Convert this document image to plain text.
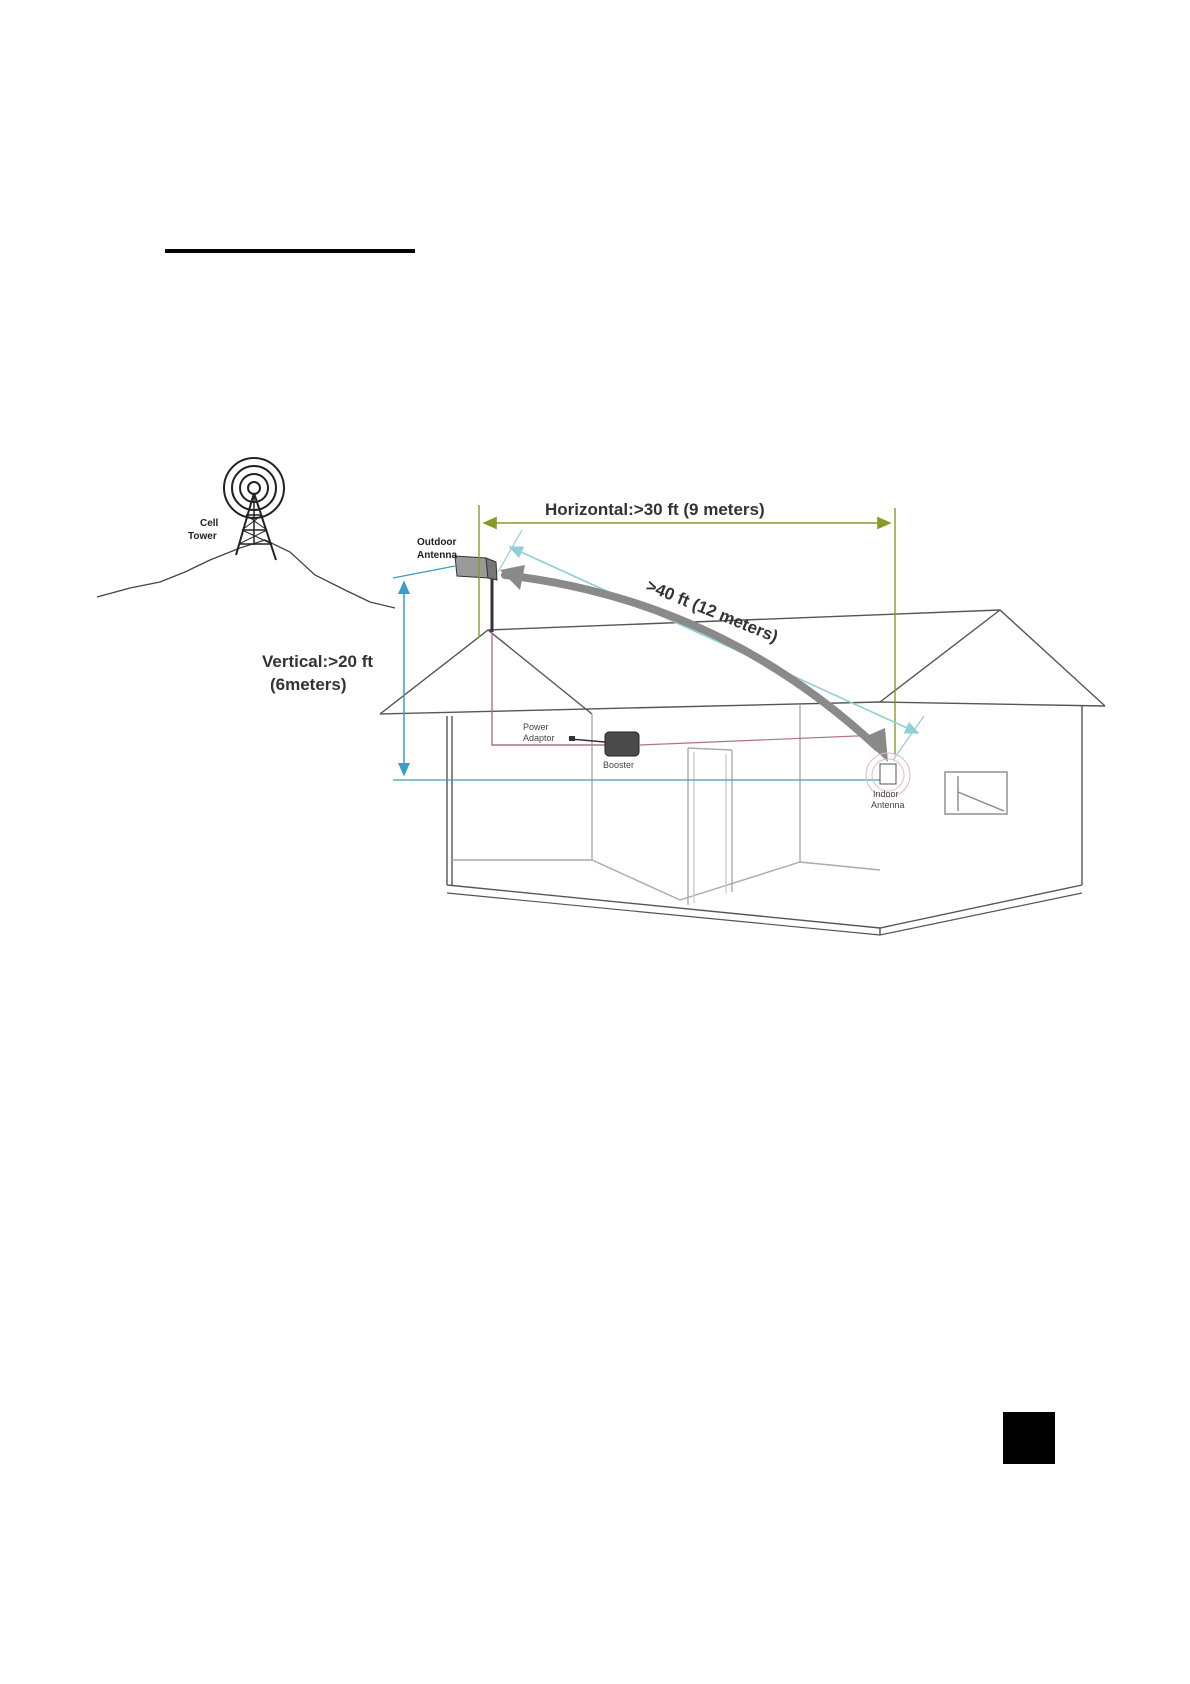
Cell
Tower
Outdoor
Antenna
Horizontal:>30 ft (9 meters)
Vertical:>20 ft
(6meters)
>40 ft (12 meters)
Power
Adaptor
Booster
Indoor
Antenna
